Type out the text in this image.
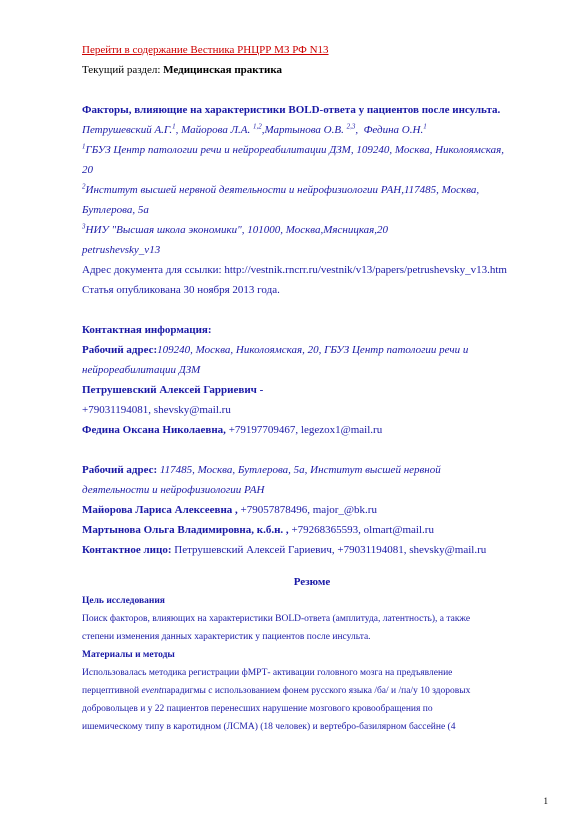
Перейти в содержание Вестника РНЦРР МЗ РФ N13
Текущий раздел: Медицинская практика
Факторы, влияющие на характеристики BOLD-ответа у пациентов после инсульта.
Петрушевский А.Г.$^1$, Майорова Л.А. $^{1,2}$,Мартынова О.В. $^{2,3}$,  Федина О.Н.$^1$
$^1$ГБУЗ Центр патологии речи и нейрореабилитации ДЗМ, 109240, Москва, Николоямская,
20
$^2$Институт высшей нервной деятельности и нейрофизиологии РАН,117485, Москва,
Бутлерова, 5а
$^3$НИУ "Высшая школа экономики", 101000, Москва,Мясницкая,20
petrushevsky_v13
Адрес документа для ссылки: http://vestnik.rncrr.ru/vestnik/v13/papers/petrushevsky_v13.htm
Статья опубликована 30 ноября 2013 года.
Контактная информация:
Рабочий адрес:109240, Москва, Николоямская, 20, ГБУЗ Центр патологии речи и
нейрореабилитации ДЗМ
Петрушевский Алексей Гарриевич -
+79031194081, shevsky@mail.ru
Федина Оксана Николаевна, +79197709467, legezox1@mail.ru
Рабочий адрес: 117485, Москва, Бутлерова, 5а, Институт высшей нервной
деятельности и нейрофизиологии РАН
Майорова Лариса Алексеевна , +79057878496, major_@bk.ru
Мартынова Ольга Владимировна, к.б.н. , +79268365593, olmart@mail.ru
Контактное лицо: Петрушевский Алексей Гариевич, +79031194081, shevsky@mail.ru
Резюме
Цель исследования
Поиск факторов, влияющих на характеристики BOLD-ответа (амплитуда, латентность), а также
степени изменения данных характеристик у пациентов после инсульта.
Материалы и методы
Использовалась методика регистрации фМРТ- активации головного мозга на предъявление
перцептивной eventпарадигмы с использованием фонем русского языка /ба/ и /па/у 10 здоровых
добровольцев и у 22 пациентов перенесших нарушение мозгового кровообращения по
ишемическому типу в каротидном (ЛСМА) (18 человек) и вертебро-базилярном бассейне (4
1
